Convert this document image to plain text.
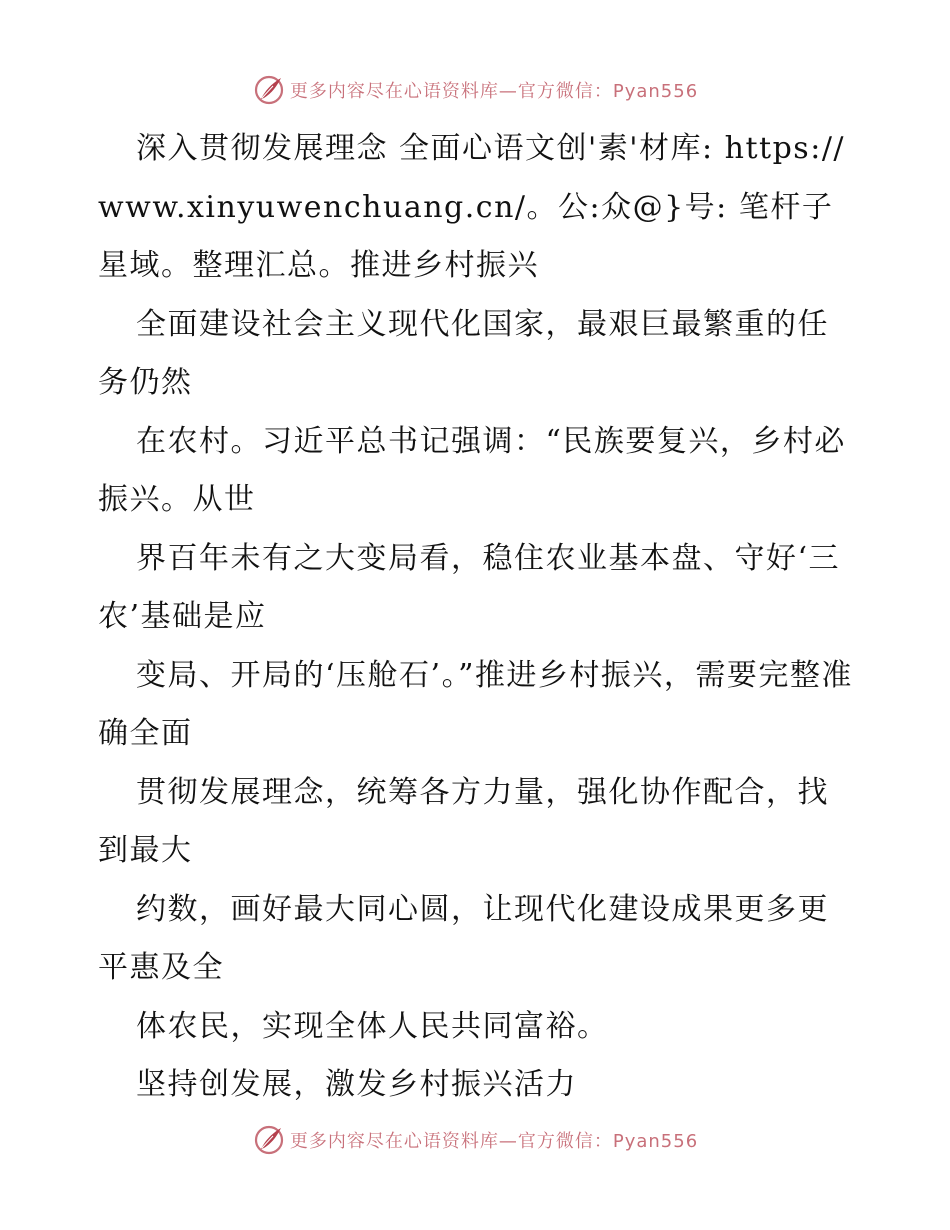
更多内容尽在心语资料库—官方微信：Pyan556

深入贯彻发展理念 全面心语文创'素'材库: https://www.xinyuwenchuang.cn/。公:众@}号: 笔杆子星域。整理汇总。推进乡村振兴

全面建设社会主义现代化国家，最艰巨最繁重的任务仍然

在农村。习近平总书记强调：“民族要复兴，乡村必振兴。从世

界百年未有之大变局看，稳住农业基本盘、守好‘三农’基础是应

变局、开局的‘压舱石’。”推进乡村振兴，需要完整准确全面

贯彻发展理念，统筹各方力量，强化协作配合，找到最大

约数，画好最大同心圆，让现代化建设成果更多更平惠及全

体农民，实现全体人民共同富裕。

坚持创发展，激发乡村振兴活力

更多内容尽在心语资料库—官方微信：Pyan556
